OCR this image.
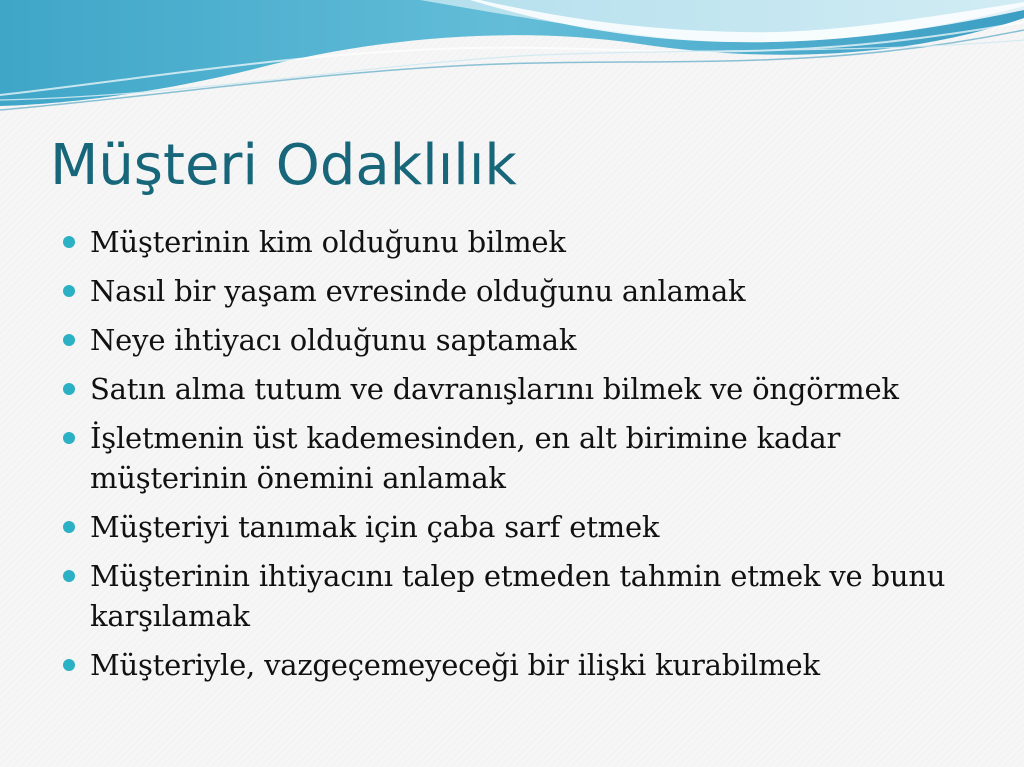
Müşteri Odaklılık
Müşterinin kim olduğunu bilmek
Nasıl bir yaşam evresinde olduğunu anlamak
Neye ihtiyacı olduğunu saptamak
Satın alma tutum ve davranışlarını bilmek ve öngörmek
İşletmenin üst kademesinden, en alt birimine kadar müşterinin önemini anlamak
Müşteriyi tanımak için çaba sarf etmek
Müşterinin ihtiyacını talep etmeden tahmin etmek ve bunu karşılamak
Müşteriyle, vazgeçemeyeceği bir ilişki kurabilmek
